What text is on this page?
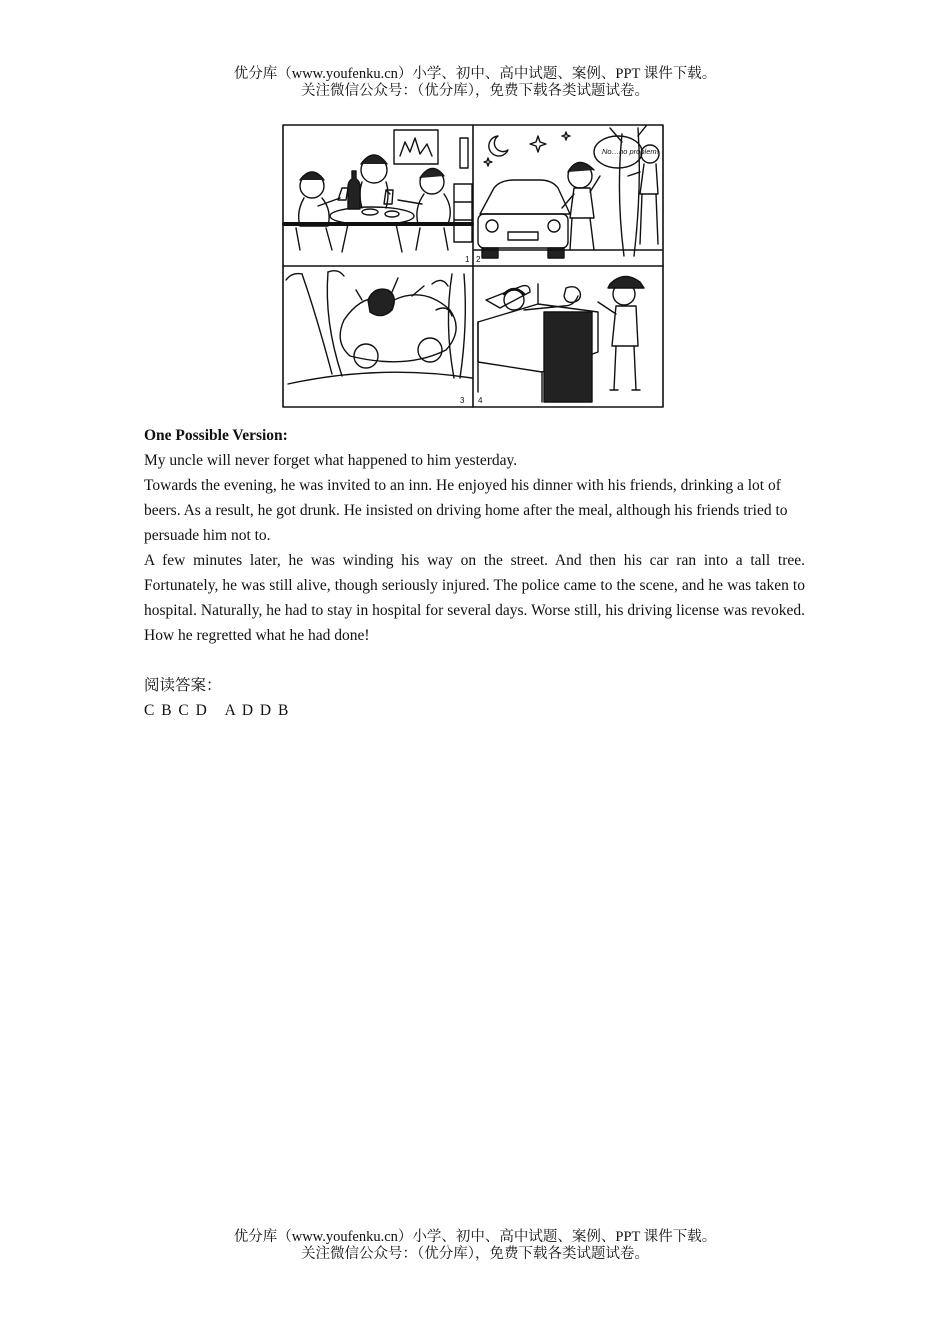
优分库（www.youfenku.cn）小学、初中、高中试题、案例、PPT 课件下载。
关注微信公众号：（优分库），免费下载各类试题试卷。
1
No…no problem!
2
3 4

One Possible Version:

My uncle will never forget what happened to him yesterday.

Towards the evening, he was invited to an inn. He enjoyed his dinner with his friends, drinking a lot of beers. As a result, he got drunk. He insisted on driving home after the meal, although his friends tried to persuade him not to.

A few minutes later, he was winding his way on the street. And then his car ran into a tall tree. Fortunately, he was still alive, though seriously injured. The police came to the scene, and he was taken to hospital. Naturally, he had to stay in hospital for several days. Worse still, his driving license was revoked. How he regretted what he had done!

阅读答案：

C B C D   A D D B

优分库（www.youfenku.cn）小学、初中、高中试题、案例、PPT 课件下载。
关注微信公众号：（优分库），免费下载各类试题试卷。
